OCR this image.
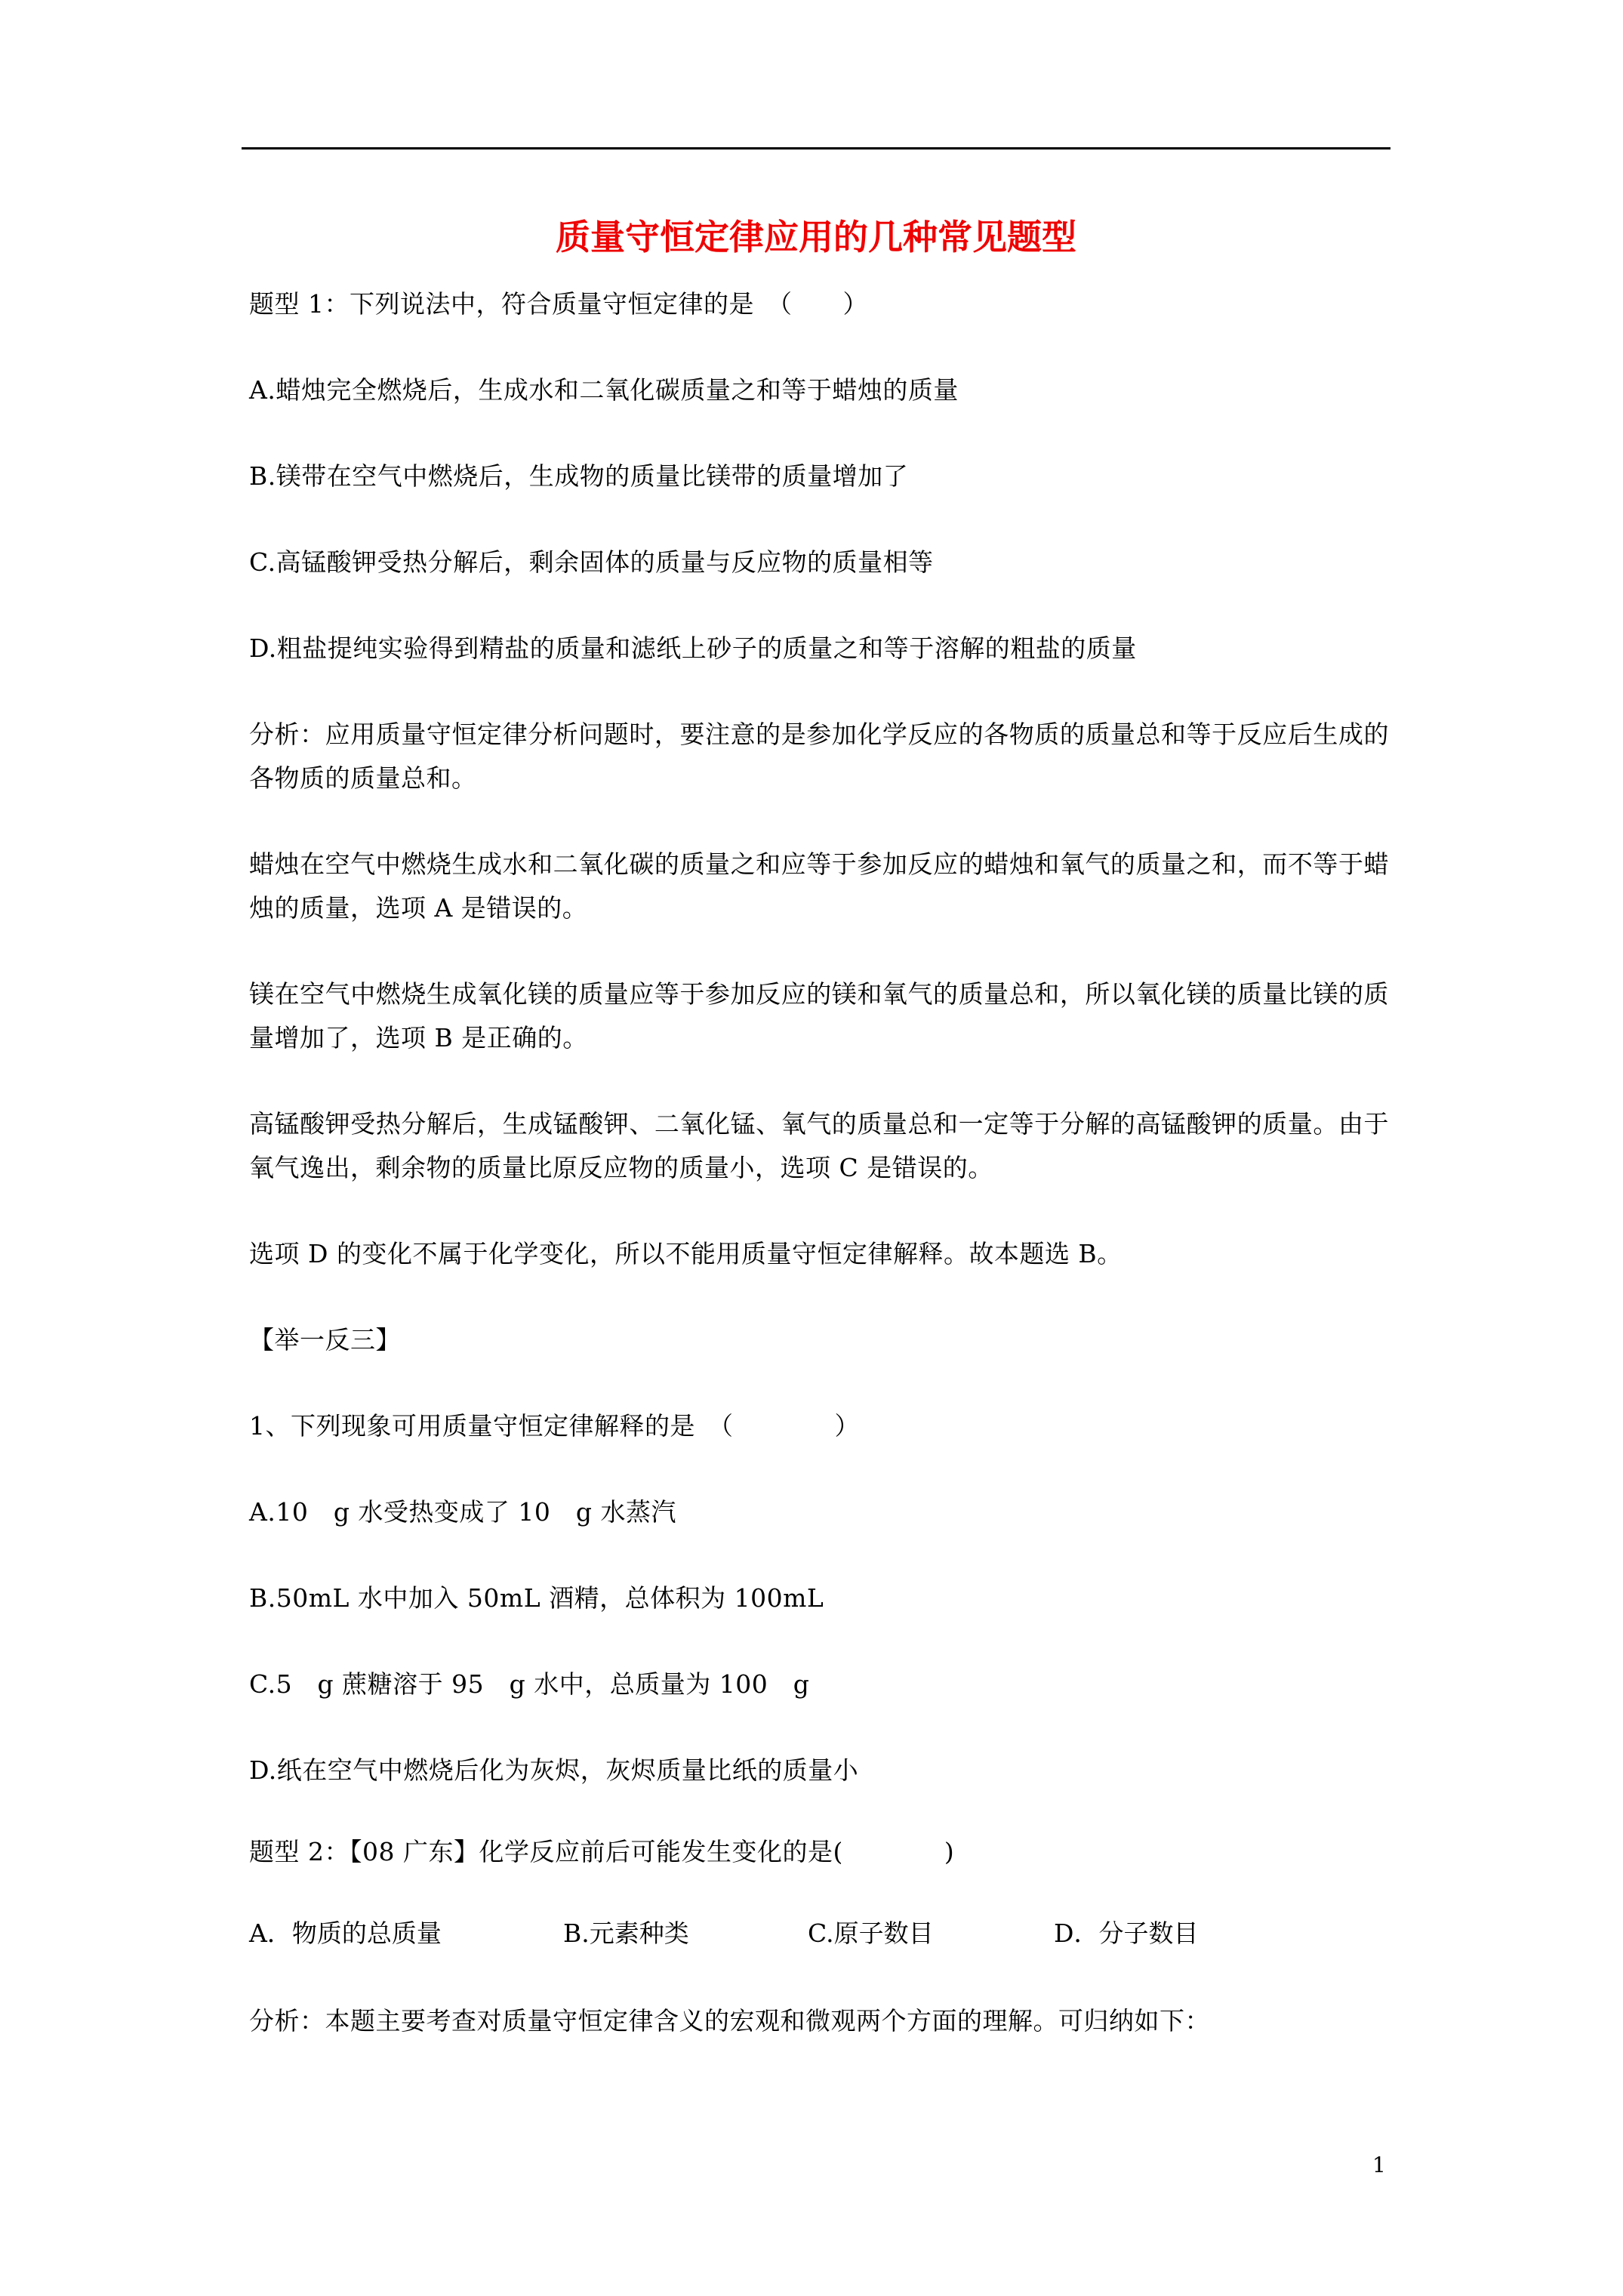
质量守恒定律应用的几种常见题型
题型 1：下列说法中，符合质量守恒定律的是　（　　）
A.蜡烛完全燃烧后，生成水和二氧化碳质量之和等于蜡烛的质量
B.镁带在空气中燃烧后，生成物的质量比镁带的质量增加了
C.高锰酸钾受热分解后，剩余固体的质量与反应物的质量相等
D.粗盐提纯实验得到精盐的质量和滤纸上砂子的质量之和等于溶解的粗盐的质量
分析：应用质量守恒定律分析问题时，要注意的是参加化学反应的各物质的质量总和等于反应后生成的各物质的质量总和。
蜡烛在空气中燃烧生成水和二氧化碳的质量之和应等于参加反应的蜡烛和氧气的质量之和，而不等于蜡烛的质量，选项 A 是错误的。
镁在空气中燃烧生成氧化镁的质量应等于参加反应的镁和氧气的质量总和，所以氧化镁的质量比镁的质量增加了，选项 B 是正确的。
高锰酸钾受热分解后，生成锰酸钾、二氧化锰、氧气的质量总和一定等于分解的高锰酸钾的质量。由于氧气逸出，剩余物的质量比原反应物的质量小，选项 C 是错误的。
选项 D 的变化不属于化学变化，所以不能用质量守恒定律解释。故本题选 B。
【举一反三】
1、下列现象可用质量守恒定律解释的是　（　　　　）
A.10　g 水受热变成了 10　g 水蒸汽
B.50mL 水中加入 50mL 酒精，总体积为 100mL
C.5　g 蔗糖溶于 95　g 水中，总质量为 100　g
D.纸在空气中燃烧后化为灰烬，灰烬质量比纸的质量小
题型 2：【08 广东】化学反应前后可能发生变化的是(　　　　)
A．物质的总质量	B.元素种类	C.原子数目	D．分子数目
分析：本题主要考查对质量守恒定律含义的宏观和微观两个方面的理解。可归纳如下：
1
